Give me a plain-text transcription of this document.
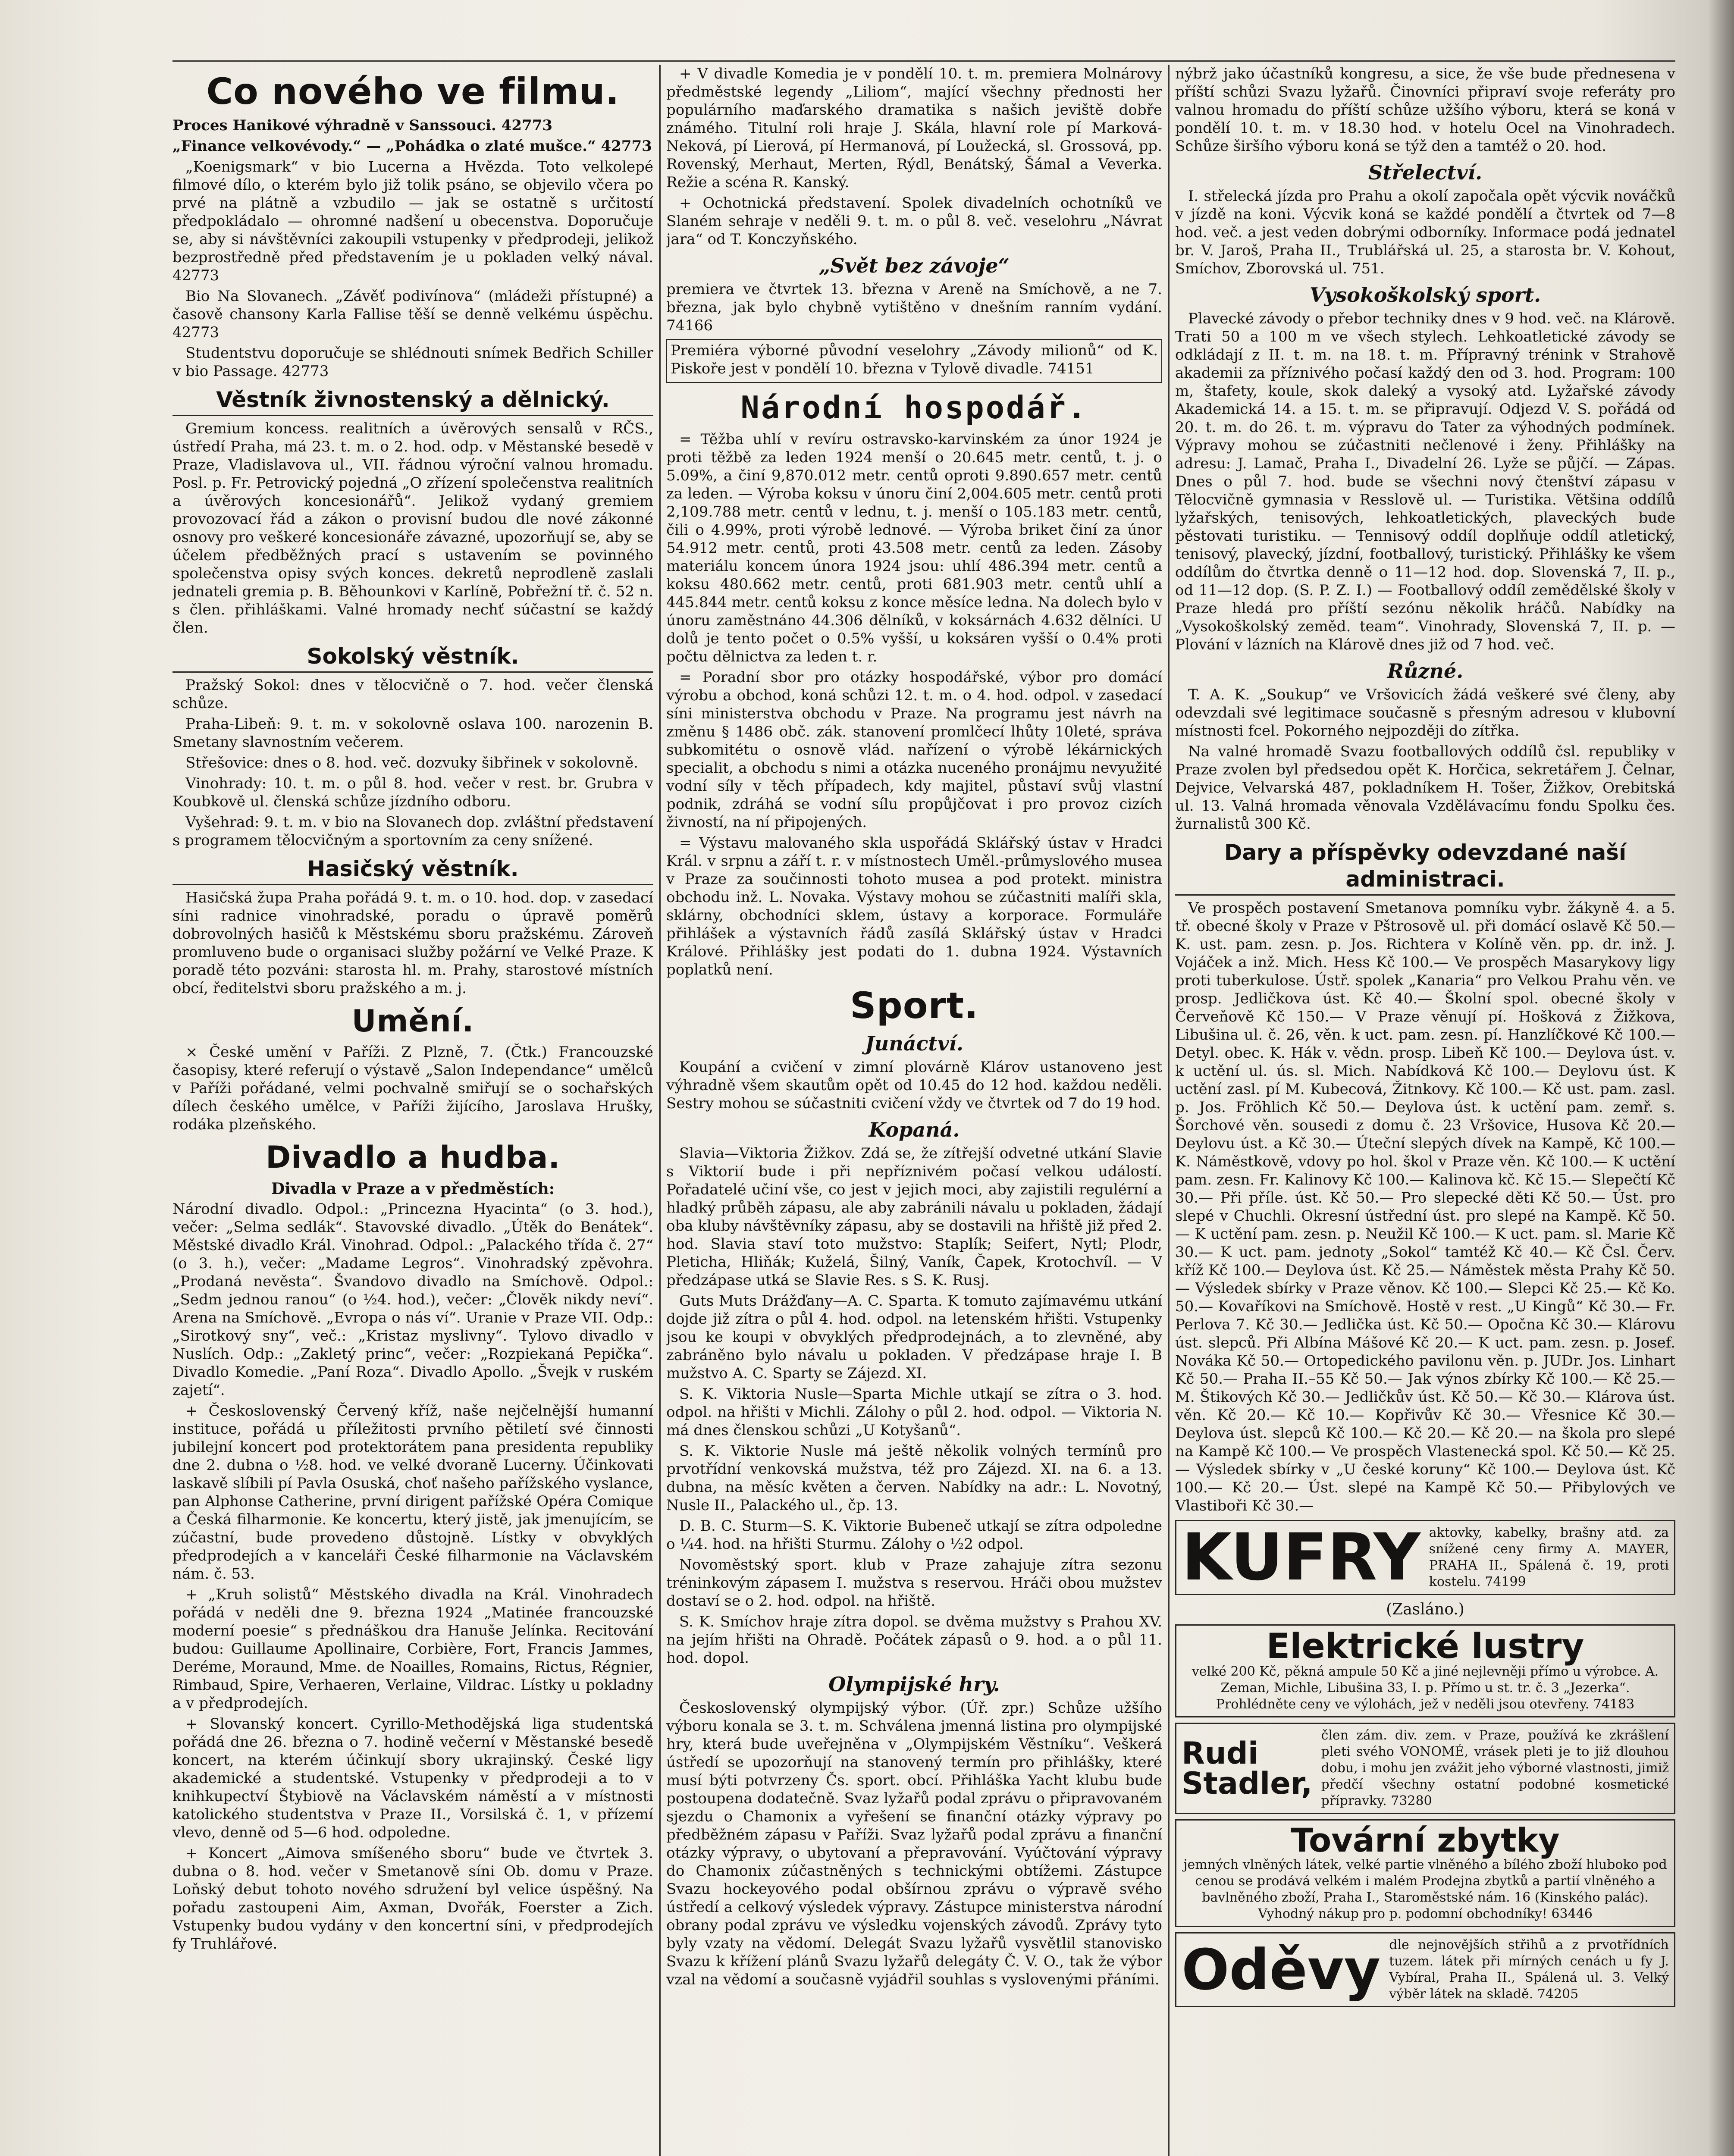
Co nového ve filmu.

Proces Hanikové výhradně v Sanssouci. 42773

„Finance velkovévody.“ — „Pohádka o zlaté mušce.“ 42773

„Koenigsmark“ v bio Lucerna a Hvězda. Toto velkolepé filmové dílo, o kterém bylo již tolik psáno, se objevilo včera po prvé na plátně a vzbudilo — jak se ostatně s určitostí předpokládalo — ohromné nadšení u obecenstva. Doporučuje se, aby si návštěvníci zakoupili vstupenky v předprodeji, jelikož bezprostředně před představením je u pokladen velký nával. 42773

Bio Na Slovanech. „Závěť podivínova“ (mládeži přístupné) a časově chansony Karla Fallise těší se denně velkému úspěchu. 42773

Studentstvu doporučuje se shlédnouti snímek Bedřich Schiller v bio Passage. 42773

Věstník živnostenský a dělnický.

Gremium koncess. realitních a úvěrových sensalů v RČS., ústředí Praha, má 23. t. m. o 2. hod. odp. v Městanské besedě v Praze, Vladislavova ul., VII. řádnou výroční valnou hromadu. Posl. p. Fr. Petrovický pojedná „O zřízení společenstva realitních a úvěrových koncesionářů“. Jelikož vydaný gremiem provozovací řád a zákon o provisní budou dle nové zákonné osnovy pro veškeré koncesionáře závazné, upozorňují se, aby se účelem předběžných prací s ustavením se povinného společenstva opisy svých konces. dekretů neprodleně zaslali jednateli gremia p. B. Běhounkovi v Karlíně, Pobřežní tř. č. 52 n. s člen. přihláškami. Valné hromady nechť súčastní se každý člen.

Sokolský věstník.

Pražský Sokol: dnes v tělocvičně o 7. hod. večer členská schůze.

Praha-Libeň: 9. t. m. v sokolovně oslava 100. narozenin B. Smetany slavnostním večerem.

Střešovice: dnes o 8. hod. več. dozvuky šibřinek v sokolovně.

Vinohrady: 10. t. m. o půl 8. hod. večer v rest. br. Grubra v Koubkově ul. členská schůze jízdního odboru.

Vyšehrad: 9. t. m. v bio na Slovanech dop. zvláštní představení s programem tělocvičným a sportovním za ceny snížené.

Hasičský věstník.

Hasičská župa Praha pořádá 9. t. m. o 10. hod. dop. v zasedací síni radnice vinohradské, poradu o úpravě poměrů dobrovolných hasičů k Městskému sboru pražskému. Zároveň promluveno bude o organisaci služby požární ve Velké Praze. K poradě této pozváni: starosta hl. m. Prahy, starostové místních obcí, ředitelstvi sboru pražského a m. j.

Umění.

× České umění v Paříži. Z Plzně, 7. (Čtk.) Francouzské časopisy, které referují o výstavě „Salon Independance“ umělců v Paříži pořádané, velmi pochvalně smiřují se o sochařských dílech českého umělce, v Paříži žijícího, Jaroslava Hrušky, rodáka plzeňského.

Divadlo a hudba.
Divadla v Praze a v předměstích:

Národní divadlo. Odpol.: „Princezna Hyacinta“ (o 3. hod.), večer: „Selma sedlák“. Stavovské divadlo. „Útěk do Benátek“. Městské divadlo Král. Vinohrad. Odpol.: „Palackého třída č. 27“ (o 3. h.), večer: „Madame Legros“. Vinohradský zpěvohra. „Prodaná nevěsta“. Švandovo divadlo na Smíchově. Odpol.: „Sedm jednou ranou“ (o ½4. hod.), večer: „Člověk nikdy neví“. Arena na Smíchově. „Evropa o nás ví“. Uranie v Praze VII. Odp.: „Sirotkový sny“, več.: „Kristaz myslivny“. Tylovo divadlo v Nuslích. Odp.: „Zakletý princ“, večer: „Rozpiekaná Pepička“. Divadlo Komedie. „Paní Roza“. Divadlo Apollo. „Švejk v ruském zajetí“.

+ Československý Červený kříž, naše nejčelnější humanní instituce, pořádá u příležitosti prvního pětiletí své činnosti jubilejní koncert pod protektorátem pana presidenta republiky dne 2. dubna o ½8. hod. ve velké dvoraně Lucerny. Účinkovati laskavě slíbili pí Pavla Osuská, choť našeho pařížského vyslance, pan Alphonse Catherine, první dirigent pařížské Opéra Comique a Česká filharmonie. Ke koncertu, který jistě, jak jmenujícím, se zúčastní, bude provedeno důstojně. Lístky v obvyklých předprodejích a v kanceláři České filharmonie na Václavském nám. č. 53.

+ „Kruh solistů“ Městského divadla na Král. Vinohradech pořádá v neděli dne 9. března 1924 „Matinée francouzské moderní poesie“ s přednáškou dra Hanuše Jelínka. Recitování budou: Guillaume Apollinaire, Corbière, Fort, Francis Jammes, Deréme, Moraund, Mme. de Noailles, Romains, Rictus, Régnier, Rimbaud, Spire, Verhaeren, Verlaine, Vildrac. Lístky u pokladny a v předprodejích.

+ Slovanský koncert. Cyrillo-Methodějská liga studentská pořádá dne 26. března o 7. hodině večerní v Městanské besedě koncert, na kterém účinkují sbory ukrajinský. České ligy akademické a studentské. Vstupenky v předprodeji a to v knihkupectví Štybiově na Václavském náměstí a v místnosti katolického studentstva v Praze II., Vorsilská č. 1, v přízemí vlevo, denně od 5—6 hod. odpoledne.

+ Koncert „Aimova smíšeného sboru“ bude ve čtvrtek 3. dubna o 8. hod. večer v Smetanově síni Ob. domu v Praze. Loňský debut tohoto nového sdružení byl velice úspěšný. Na pořadu zastoupeni Aim, Axman, Dvořák, Foerster a Zich. Vstupenky budou vydány v den koncertní síni, v předprodejích fy Truhlářové.

+ V divadle Komedia je v pondělí 10. t. m. premiera Molnárovy předměstské legendy „Liliom“, mající všechny přednosti her populárního maďarského dramatika s našich jeviště dobře známého. Titulní roli hraje J. Skála, hlavní role pí Marková-Neková, pí Lierová, pí Hermanová, pí Loužecká, sl. Grossová, pp. Rovenský, Merhaut, Merten, Rýdl, Benátský, Šámal a Veverka. Režie a scéna R. Kanský.

+ Ochotnická představení. Spolek divadelních ochotníků ve Slaném sehraje v neděli 9. t. m. o půl 8. več. veselohru „Návrat jara“ od T. Konczyňského.

„Svět bez závoje“

premiera ve čtvrtek 13. března v Areně na Smíchově, a ne 7. března, jak bylo chybně vytištěno v dnešním ranním vydání. 74166

Premiéra výborné původní veselohry „Závody milionů“ od K. Piskoře jest v pondělí 10. března v Tylově divadle. 74151

Národní hospodář.

= Těžba uhlí v revíru ostravsko-karvinském za únor 1924 je proti těžbě za leden 1924 menší o 20.645 metr. centů, t. j. o 5.09%, a činí 9,870.012 metr. centů oproti 9.890.657 metr. centů za leden. — Výroba koksu v únoru činí 2,004.605 metr. centů proti 2,109.788 metr. centů v lednu, t. j. menší o 105.183 metr. centů, čili o 4.99%, proti výrobě lednové. — Výroba briket činí za únor 54.912 metr. centů, proti 43.508 metr. centů za leden. Zásoby materiálu koncem února 1924 jsou: uhlí 486.394 metr. centů a koksu 480.662 metr. centů, proti 681.903 metr. centů uhlí a 445.844 metr. centů koksu z konce měsíce ledna. Na dolech bylo v únoru zaměstnáno 44.306 dělníků, v koksárnách 4.632 dělníci. U dolů je tento počet o 0.5% vyšší, u koksáren vyšší o 0.4% proti počtu dělnictva za leden t. r.

= Poradní sbor pro otázky hospodářské, výbor pro domácí výrobu a obchod, koná schůzi 12. t. m. o 4. hod. odpol. v zasedací síni ministerstva obchodu v Praze. Na programu jest návrh na změnu § 1486 obč. zák. stanovení promlčecí lhůty 10leté, správa subkomitétu o osnově vlád. nařízení o výrobě lékárnických specialit, a obchodu s nimi a otázka nuceného pronájmu nevyužité vodní síly v těch případech, kdy majitel, půstaví svůj vlastní podnik, zdráhá se vodní sílu propůjčovat i pro provoz cizích živností, na ní připojených.

= Výstavu malovaného skla uspořádá Sklářský ústav v Hradci Král. v srpnu a září t. r. v místnostech Uměl.-průmyslového musea v Praze za součinnosti tohoto musea a pod protekt. ministra obchodu inž. L. Novaka. Výstavy mohou se zúčastniti malíři skla, sklárny, obchodníci sklem, ústavy a korporace. Formuláře přihlášek a výstavních řádů zasílá Sklářský ústav v Hradci Králové. Přihlášky jest podati do 1. dubna 1924. Výstavních poplatků není.

Sport.
Junáctví.

Koupání a cvičení v zimní plovárně Klárov ustanoveno jest výhradně všem skautům opět od 10.45 do 12 hod. každou neděli. Sestry mohou se súčastniti cvičení vždy ve čtvrtek od 7 do 19 hod.

Kopaná.

Slavia—Viktoria Žižkov. Zdá se, že zítřejší odvetné utkání Slavie s Viktorií bude i při nepříznivém počasí velkou událostí. Pořadatelé učiní vše, co jest v jejich moci, aby zajistili regulérní a hladký průběh zápasu, ale aby zabránili návalu u pokladen, žádají oba kluby návštěvníky zápasu, aby se dostavili na hřiště již před 2. hod. Slavia staví toto mužstvo: Staplík; Seifert, Nytl; Plodr, Pleticha, Hliňák; Kuželá, Šilný, Vaník, Čapek, Krotochvíl. — V předzápase utká se Slavie Res. s S. K. Rusj.

Guts Muts Drážďany—A. C. Sparta. K tomuto zajímavému utkání dojde již zítra o půl 4. hod. odpol. na letenském hřišti. Vstupenky jsou ke koupi v obvyklých předprodejnách, a to zlevněné, aby zabráněno bylo návalu u pokladen. V předzápase hraje I. B mužstvo A. C. Sparty se Zájezd. XI.

S. K. Viktoria Nusle—Sparta Michle utkají se zítra o 3. hod. odpol. na hřišti v Michli. Zálohy o půl 2. hod. odpol. — Viktoria N. má dnes členskou schůzi „U Kotyšanů“.

S. K. Viktorie Nusle má ještě několik volných termínů pro prvotřídní venkovská mužstva, též pro Zájezd. XI. na 6. a 13. dubna, na měsíc květen a červen. Nabídky na adr.: L. Novotný, Nusle II., Palackého ul., čp. 13.

D. B. C. Sturm—S. K. Viktorie Bubeneč utkají se zítra odpoledne o ¼4. hod. na hřišti Sturmu. Zálohy o ½2 odpol.

Novoměstský sport. klub v Praze zahajuje zítra sezonu tréninkovým zápasem I. mužstva s reservou. Hráči obou mužstev dostaví se o 2. hod. odpol. na hřiště.

S. K. Smíchov hraje zítra dopol. se dvěma mužstvy s Prahou XV. na jejím hřišti na Ohradě. Počátek zápasů o 9. hod. a o půl 11. hod. dopol.

Olympijské hry.

Československý olympijský výbor. (Úř. zpr.) Schůze užšího výboru konala se 3. t. m. Schválena jmenná listina pro olympijské hry, která bude uveřejněna v „Olympijském Věstníku“. Veškerá ústředí se upozorňují na stanovený termín pro přihlášky, které musí býti potvrzeny Čs. sport. obcí. Přihláška Yacht klubu bude postoupena dodatečně. Svaz lyžařů podal zprávu o připravovaném sjezdu o Chamonix a vyřešení se finanční otázky výpravy po předběžném zápasu v Paříži. Svaz lyžařů podal zprávu a finanční otázky výpravy, o ubytovaní a přepravování. Vyúčtování výpravy do Chamonix zúčastněných s technickými obtížemi. Zástupce Svazu hockeyového podal obšírnou zprávu o výpravě svého ústředí a celkový výsledek výpravy. Zástupce ministerstva národní obrany podal zprávu ve výsledku vojenských závodů. Zprávy tyto byly vzaty na vědomí. Delegát Svazu lyžařů vysvětlil stanovisko Svazu k křížení plánů Svazu lyžařů delegáty Č. V. O., tak že výbor vzal na vědomí a současně vyjádřil souhlas s vyslovenými přáními.

nýbrž jako účastníků kongresu, a sice, že vše bude přednesena v příští schůzi Svazu lyžařů. Činovníci připraví svoje referáty pro valnou hromadu do příští schůze užšího výboru, která se koná v pondělí 10. t. m. v 18.30 hod. v hotelu Ocel na Vinohradech. Schůze širšího výboru koná se týž den a tamtéž o 20. hod.

Střelectví.

I. střelecká jízda pro Prahu a okolí započala opět výcvik nováčků v jízdě na koni. Výcvik koná se každé pondělí a čtvrtek od 7—8 hod. več. a jest veden dobrými odborníky. Informace podá jednatel br. V. Jaroš, Praha II., Trublářská ul. 25, a starosta br. V. Kohout, Smíchov, Zborovská ul. 751.

Vysokoškolský sport.

Plavecké závody o přebor techniky dnes v 9 hod. več. na Klárově. Trati 50 a 100 m ve všech stylech. Lehkoatletické závody se odkládají z II. t. m. na 18. t. m. Přípravný trénink v Strahově akademii za příznivého počasí každý den od 3. hod. Program: 100 m, štafety, koule, skok daleký a vysoký atd. Lyžařské závody Akademická 14. a 15. t. m. se připravují. Odjezd V. S. pořádá od 20. t. m. do 26. t. m. výpravu do Tater za výhodných podmínek. Výpravy mohou se zúčastniti nečlenové i ženy. Přihlášky na adresu: J. Lamač, Praha I., Divadelní 26. Lyže se půjčí. — Zápas. Dnes o půl 7. hod. bude se všechni nový čtenštví zápasu v Tělocvičně gymnasia v Resslově ul. — Turistika. Většina oddílů lyžařských, tenisových, lehkoatletických, plaveckých bude pěstovati turistiku. — Tennisový oddíl doplňuje oddíl atletický, tenisový, plavecký, jízdní, footballový, turistický. Přihlášky ke všem oddílům do čtvrtka denně o 11—12 hod. dop. Slovenská 7, II. p., od 11—12 dop. (S. P. Z. I.) — Footballový oddíl zemědělské školy v Praze hledá pro příští sezónu několik hráčů. Nabídky na „Vysokoškolský zeměd. team“. Vinohrady, Slovenská 7, II. p. — Plování v lázních na Klárově dnes již od 7 hod. več.

Různé.

T. A. K. „Soukup“ ve Vršovicích žádá veškeré své členy, aby odevzdali své legitimace současně s přesným adresou v klubovní místnosti fcel. Pokorného nejpozději do zítřka.

Na valné hromadě Svazu footballových oddílů čsl. republiky v Praze zvolen byl předsedou opět K. Horčica, sekretářem J. Čelnar, Dejvice, Velvarská 487, pokladníkem H. Tošer, Žižkov, Orebitská ul. 13. Valná hromada věnovala Vzdělávacímu fondu Spolku čes. žurnalistů 300 Kč.

Dary a příspěvky odevzdané naší administraci.

Ve prospěch postavení Smetanova pomníku vybr. žákyně 4. a 5. tř. obecné školy v Praze v Pštrosově ul. při domácí oslavě Kč 50.— K. ust. pam. zesn. p. Jos. Richtera v Kolíně věn. pp. dr. inž. J. Vojáček a inž. Mich. Hess Kč 100.— Ve prospěch Masarykovy ligy proti tuberkulose. Ústř. spolek „Kanaria“ pro Velkou Prahu věn. ve prosp. Jedličkova úst. Kč 40.— Školní spol. obecné školy v Červeňově Kč 150.— V Praze věnují pí. Hošková z Žižkova, Libušina ul. č. 26, věn. k uct. pam. zesn. pí. Hanzlíčkové Kč 100.— Detyl. obec. K. Hák v. vědn. prosp. Libeň Kč 100.— Deylova úst. v. k uctění ul. ús. sl. Mich. Nabídková Kč 100.— Deylovu úst. K uctění zasl. pí M. Kubecová, Žitnkovy. Kč 100.— Kč ust. pam. zasl. p. Jos. Fröhlich Kč 50.— Deylova úst. k uctění pam. zemř. s. Šorchové věn. sousedi z domu č. 23 Vršovice, Husova Kč 20.— Deylovu úst. a Kč 30.— Úteční slepých dívek na Kampě, Kč 100.— K. Náměstkově, vdovy po hol. škol v Praze věn. Kč 100.— K uctění pam. zesn. Fr. Kalinovy Kč 100.— Kalinova kč. Kč 15.— Slepečtí Kč 30.— Při příle. úst. Kč 50.— Pro slepecké děti Kč 50.— Úst. pro slepé v Chuchli. Okresní ústřední úst. pro slepé na Kampě. Kč 50.— K uctění pam. zesn. p. Neužil Kč 100.— K uct. pam. sl. Marie Kč 30.— K uct. pam. jednoty „Sokol“ tamtéž Kč 40.— Kč Čsl. Červ. kříž Kč 100.— Deylova úst. Kč 25.— Náměstek města Prahy Kč 50.— Výsledek sbírky v Praze věnov. Kč 100.— Slepci Kč 25.— Kč Ko. 50.— Kovaříkovi na Smíchově. Hostě v rest. „U Kingů“ Kč 30.— Fr. Perlova 7. Kč 30.— Jedlička úst. Kč 50.— Opočna Kč 30.— Klárovu úst. slepců. Při Albína Mášové Kč 20.— K uct. pam. zesn. p. Josef. Nováka Kč 50.— Ortopedického pavilonu věn. p. JUDr. Jos. Linhart Kč 50.— Praha II.–55 Kč 50.— Jak výnos zbírky Kč 100.— Kč 25.— M. Štikových Kč 30.— Jedličkův úst. Kč 50.— Kč 30.— Klárova úst. věn. Kč 20.— Kč 10.— Kopřivův Kč 30.— Vřesnice Kč 30.— Deylova úst. slepců Kč 100.— Kč 20.— Kč 20.— na škola pro slepé na Kampě Kč 100.— Ve prospěch Vlastenecká spol. Kč 50.— Kč 25.— Výsledek sbírky v „U české koruny“ Kč 100.— Deylova úst. Kč 100.— Kč 20.— Úst. slepé na Kampě Kč 50.— Přibylových ve Vlastiboři Kč 30.—

KUFRY aktovky, kabelky, brašny atd. za snížené ceny firmy A. MAYER, PRAHA II., Spálená č. 19, proti kostelu. 74199
(Zasláno.)
Elektrické lustry
velké 200 Kč, pěkná ampule 50 Kč a jiné nejlevněji přímo u výrobce. A. Zeman, Michle, Libušina 33, I. p. Přímo u st. tr. č. 3 „Jezerka“. Prohlédněte ceny ve výlohách, jež v neděli jsou otevřeny. 74183
Rudi Stadler,
člen zám. div. zem. v Praze, používá ke zkrášlení pleti svého VONOMÉ, vrásek pleti je to již dlouhou dobu, i mohu jen zvážit jeho výborné vlastnosti, jimiž předčí všechny ostatní podobné kosmetické přípravky. 73280
Tovární zbytky
jemných vlněných látek, velké partie vlněného a bílého zboží hluboko pod cenou se prodává velkém i malém Prodejna zbytků a partií vlněného a bavlněného zboží, Praha I., Staroměstské nám. 16 (Kinského palác). Vyhodný nákup pro p. podomní obchodníky! 63446
Oděvy dle nejnovějších střihů a z prvotřídních tuzem. látek při mírných cenách u fy J. Vybíral, Praha II., Spálená ul. 3. Velký výběr látek na skladě. 74205
